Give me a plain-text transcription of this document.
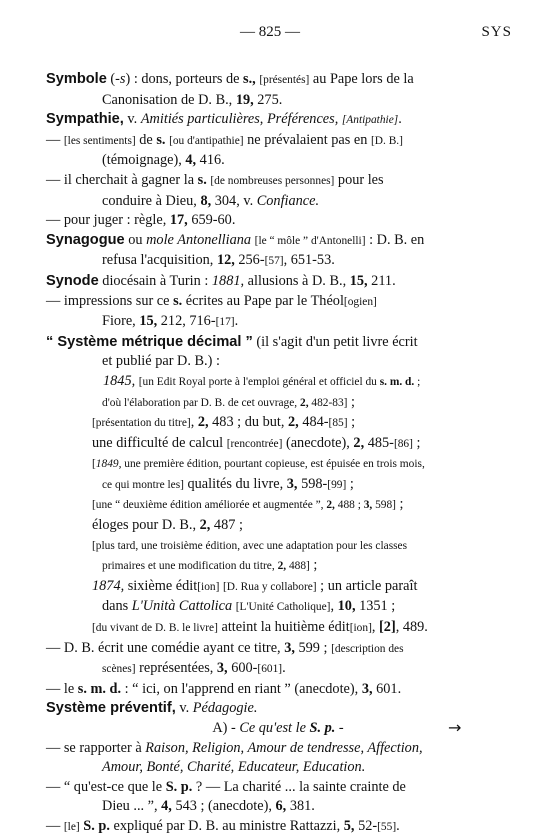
— 825 —	SYS
Symbole (-s) : dons, porteurs de s., [présentés] au Pape lors de la
Canonisation de D. B., 19, 275.
Sympathie, v. Amitiés particulières, Préférences, [Antipathie].
— [les sentiments] de s. [ou d'antipathie] ne prévalaient pas en [D. B.]
(témoignage), 4, 416.
— il cherchait à gagner la s. [de nombreuses personnes] pour les
conduire à Dieu, 8, 304, v. Confiance.
— pour juger : règle, 17, 659-60.
Synagogue ou mole Antonelliana [le “ môle ” d'Antonelli] : D. B. en
refusa l'acquisition, 12, 256-[57], 651-53.
Synode diocésain à Turin : 1881, allusions à D. B., 15, 211.
— impressions sur ce s. écrites au Pape par le Théol[ogien]
Fiore, 15, 212, 716-[17].
“ Système métrique décimal ” (il s'agit d'un petit livre écrit
et publié par D. B.) :
1845, [un Edit Royal porte à l'emploi général et officiel du s. m. d. ;
d'où l'élaboration par D. B. de cet ouvrage, 2, 482-83] ;
[présentation du titre], 2, 483 ; du but, 2, 484-[85] ;
une difficulté de calcul [rencontrée] (anecdote), 2, 485-[86] ;
[1849, une première édition, pourtant copieuse, est épuisée en trois mois,
ce qui montre les] qualités du livre, 3, 598-[99] ;
[une “ deuxième édition améliorée et augmentée ”, 2, 488 ; 3, 598] ;
éloges pour D. B., 2, 487 ;
[plus tard, une troisième édition, avec une adaptation pour les classes
primaires et une modification du titre, 2, 488] ;
1874, sixième édit[ion] [D. Rua y collabore] ; un article paraît
dans L'Unità Cattolica [L'Unité Catholique], 10, 1351 ;
[du vivant de D. B. le livre] atteint la huitième édit[ion], [2], 489.
— D. B. écrit une comédie ayant ce titre, 3, 599 ; [description des
scènes] représentées, 3, 600-[601].
— le s. m. d. : “ ici, on l'apprend en riant ” (anecdote), 3, 601.
Système préventif, v. Pédagogie.
A) - Ce qu'est le S. p. -
— se rapporter à Raison, Religion, Amour de tendresse, Affection,
Amour, Bonté, Charité, Educateur, Education.
— “ qu'est-ce que le S. p. ? — La charité ... la sainte crainte de
Dieu ... ”, 4, 543 ; (anecdote), 6, 381.
— [le] S. p. expliqué par D. B. au ministre Rattazzi, 5, 52-[55].
→
